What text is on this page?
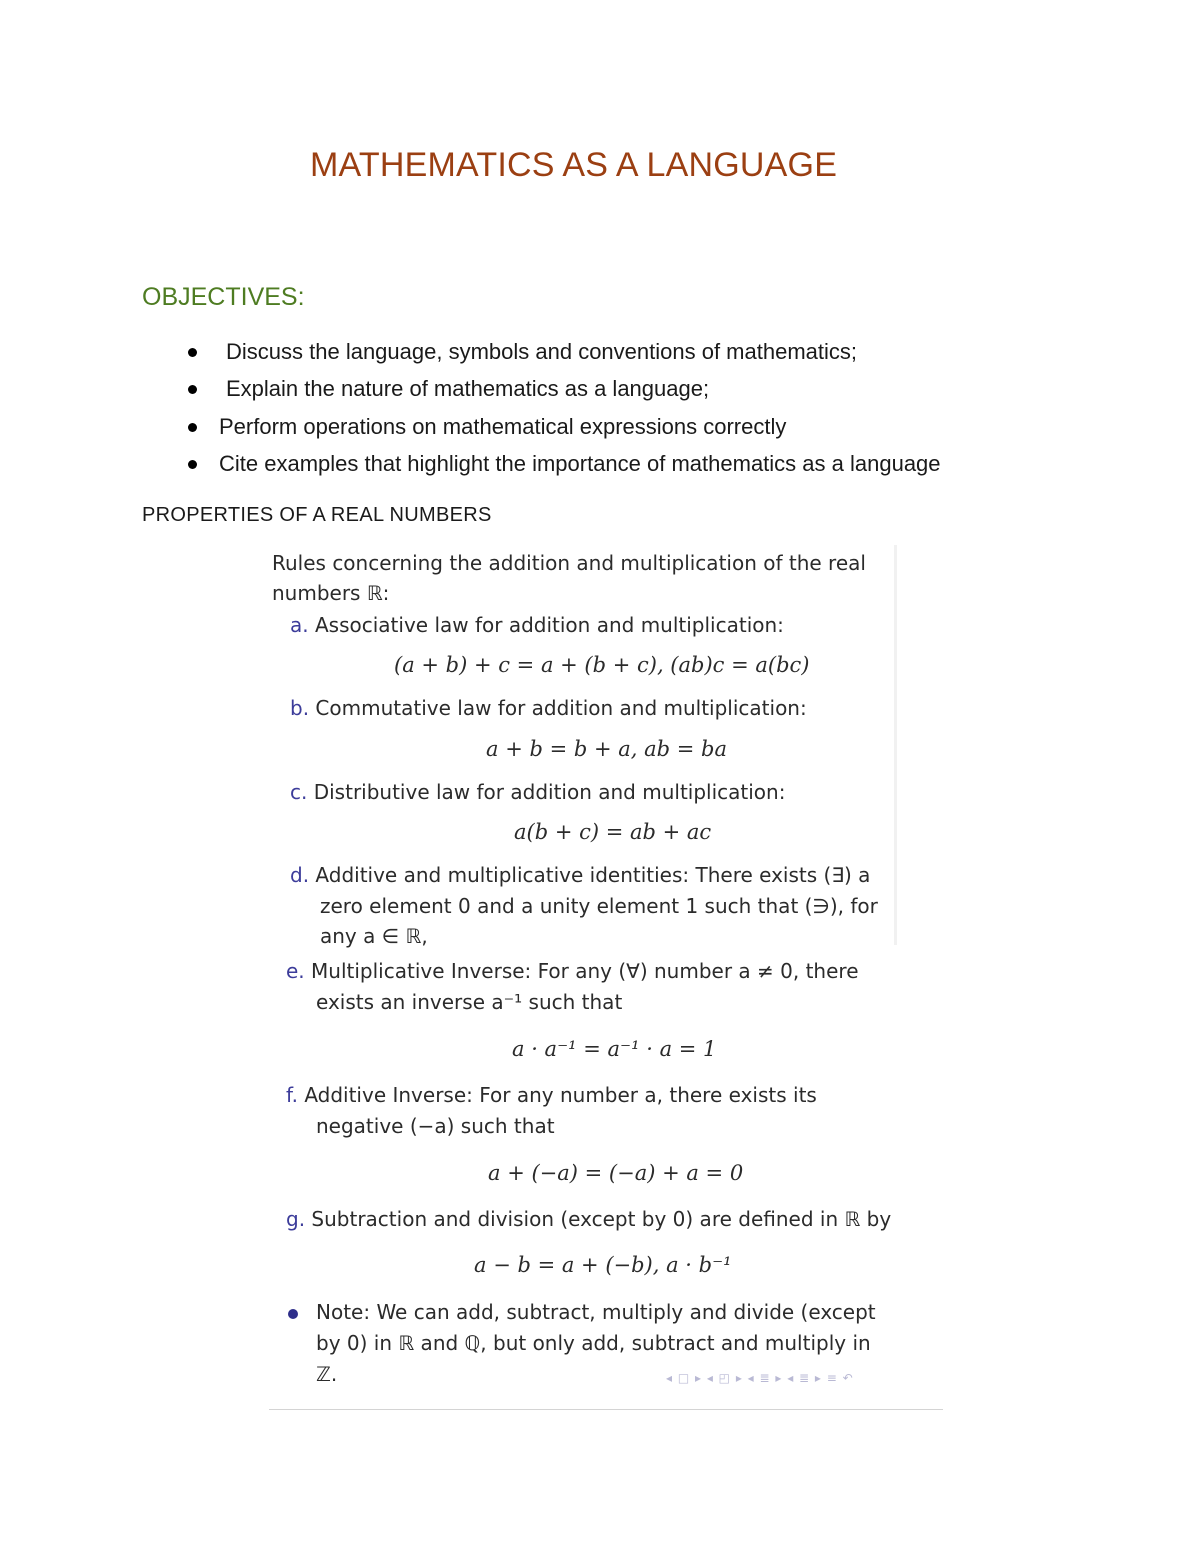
MATHEMATICS AS A LANGUAGE
OBJECTIVES:
Discuss the language, symbols and conventions of mathematics;
Explain the nature of mathematics as a language;
Perform operations on mathematical expressions correctly
Cite examples that highlight the importance of mathematics as a language
PROPERTIES OF A REAL NUMBERS
Rules concerning the addition and multiplication of the real
numbers ℝ:
a. Associative law for addition and multiplication:
(a + b) + c = a + (b + c), (ab)c = a(bc)
b. Commutative law for addition and multiplication:
a + b = b + a, ab = ba
c. Distributive law for addition and multiplication:
a(b + c) = ab + ac
d. Additive and multiplicative identities: There exists (∃) a
zero element 0 and a unity element 1 such that (∋), for
any a ∈ ℝ,
e. Multiplicative Inverse: For any (∀) number a ≠ 0, there
exists an inverse a⁻¹ such that
a · a⁻¹ = a⁻¹ · a = 1
f. Additive Inverse: For any number a, there exists its
negative (−a) such that
a + (−a) = (−a) + a = 0
g. Subtraction and division (except by 0) are defined in ℝ by
a − b = a + (−b), a · b⁻¹
Note: We can add, subtract, multiply and divide (except
by 0) in ℝ and ℚ, but only add, subtract and multiply in
ℤ.	◂ □ ▸ ◂ ◰ ▸ ◂ ≣ ▸ ◂ ≣ ▸ ≡ ↶
